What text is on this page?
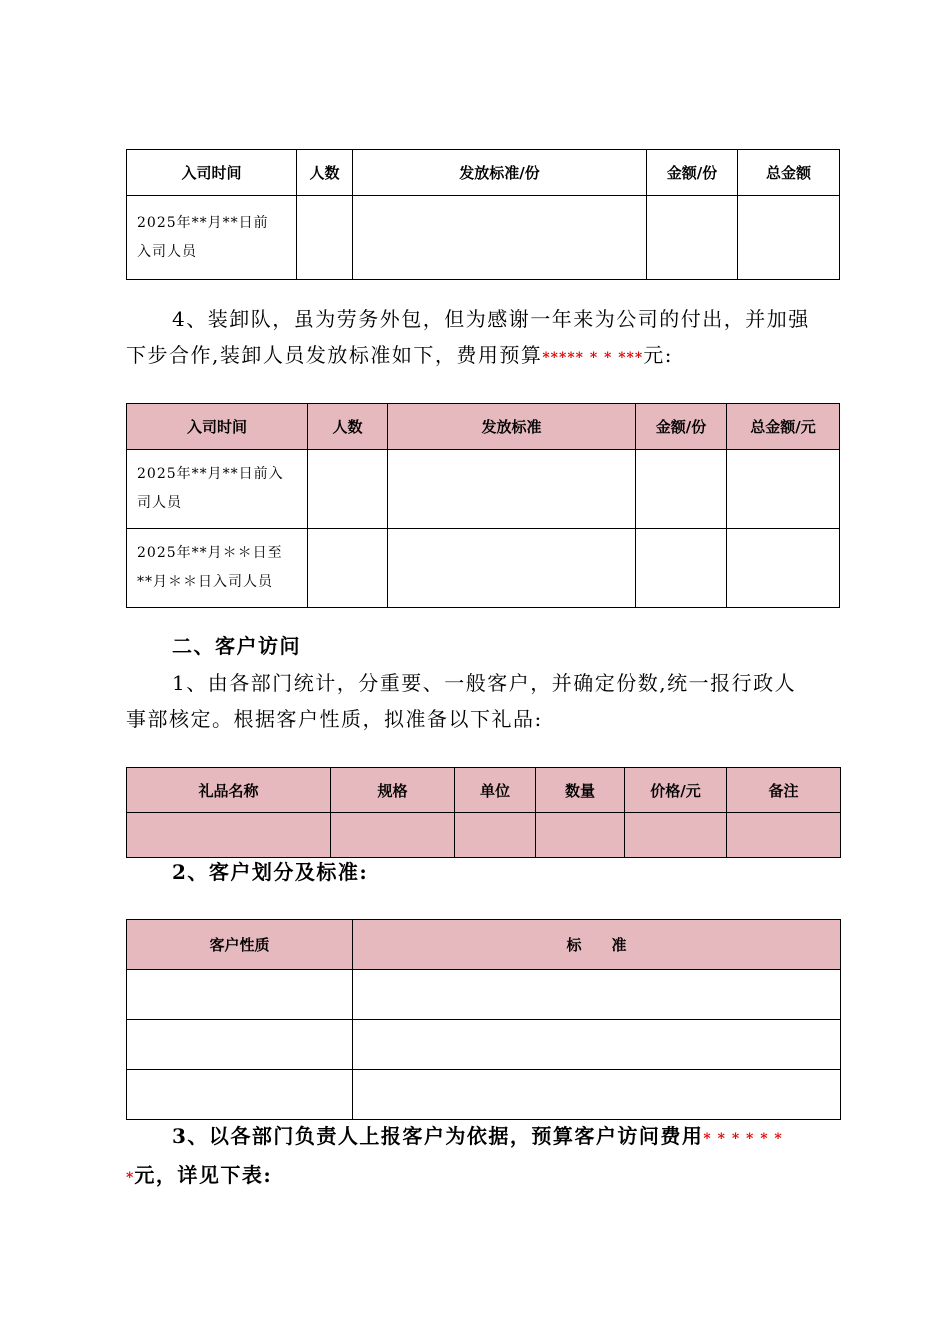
入司时间	人数	发放标准/份	金额/份	总金额

2025年**月**日前
入司人员				

4、装卸队，虽为劳务外包，但为感谢一年来为公司的付出，并加强
下步合作,装卸人员发放标准如下，费用预算***** * * ***元:
入司时间	人数	发放标准	金额/份	总金额/元

2025年**月**日前入
司人员				

2025年**月＊＊日至
**月＊＊日入司人员				

二、客户访问
1、由各部门统计，分重要、一般客户，并确定份数,统一报行政人
事部核定。根据客户性质，拟准备以下礼品:
礼品名称	规格	单位	数量	价格/元	备注

2、客户划分及标准:
客户性质	标　　准

3、以各部门负责人上报客户为依据，预算客户访问费用* * * * * *
*元，详见下表:
